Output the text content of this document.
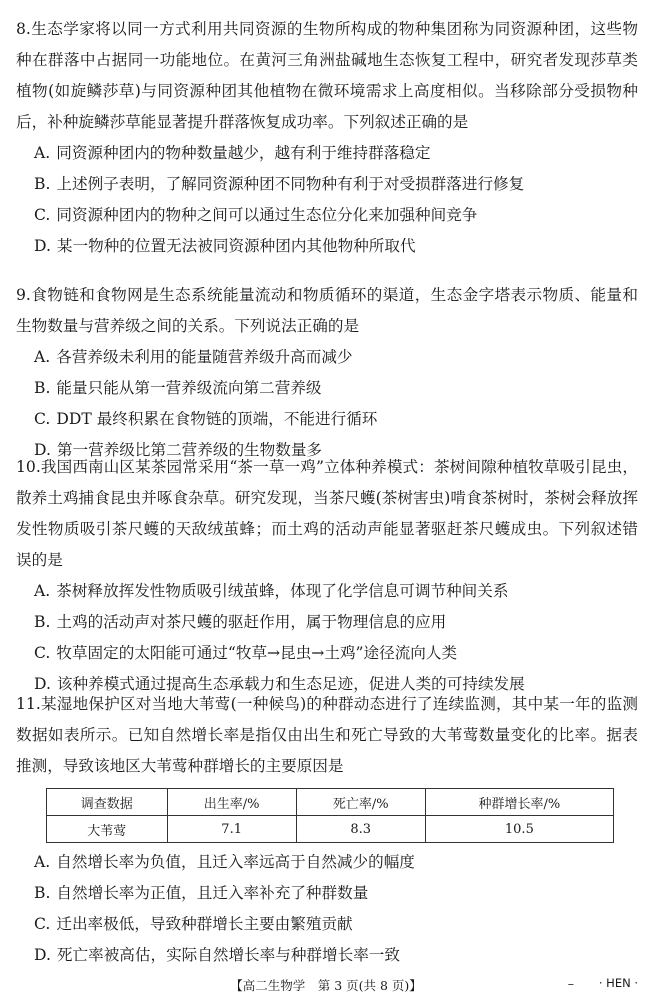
8.生态学家将以同一方式利用共同资源的生物所构成的物种集团称为同资源种团，这些物种在群落中占据同一功能地位。在黄河三角洲盐碱地生态恢复工程中，研究者发现莎草类植物(如旋鳞莎草)与同资源种团其他植物在微环境需求上高度相似。当移除部分受损物种后，补种旋鳞莎草能显著提升群落恢复成功率。下列叙述正确的是

A. 同资源种团内的物种数量越少，越有利于维持群落稳定

B. 上述例子表明，了解同资源种团不同物种有利于对受损群落进行修复

C. 同资源种团内的物种之间可以通过生态位分化来加强种间竞争

D. 某一物种的位置无法被同资源种团内其他物种所取代

9.食物链和食物网是生态系统能量流动和物质循环的渠道，生态金字塔表示物质、能量和生物数量与营养级之间的关系。下列说法正确的是

A. 各营养级未利用的能量随营养级升高而减少

B. 能量只能从第一营养级流向第二营养级

C. DDT 最终积累在食物链的顶端，不能进行循环

D. 第一营养级比第二营养级的生物数量多

10.我国西南山区某茶园常采用“茶一草一鸡”立体种养模式：茶树间隙种植牧草吸引昆虫，散养土鸡捕食昆虫并啄食杂草。研究发现，当茶尺蠖(茶树害虫)啃食茶树时，茶树会释放挥发性物质吸引茶尺蠖的天敌绒茧蜂；而土鸡的活动声能显著驱赶茶尺蠖成虫。下列叙述错误的是

A. 茶树释放挥发性物质吸引绒茧蜂，体现了化学信息可调节种间关系

B. 土鸡的活动声对茶尺蠖的驱赶作用，属于物理信息的应用

C. 牧草固定的太阳能可通过“牧草→昆虫→土鸡”途径流向人类

D. 该种养模式通过提高生态承载力和生态足迹，促进人类的可持续发展

11.某湿地保护区对当地大苇莺(一种候鸟)的种群动态进行了连续监测，其中某一年的监测数据如表所示。已知自然增长率是指仅由出生和死亡导致的大苇莺数量变化的比率。据表推测，导致该地区大苇莺种群增长的主要原因是

调查数据	出生率/%	死亡率/%	种群增长率/%
大苇莺	7.1	8.3	10.5

A. 自然增长率为负值，且迁入率远高于自然减少的幅度

B. 自然增长率为正值，且迁入率补充了种群数量

C. 迁出率极低，导致种群增长主要由繁殖贡献

D. 死亡率被高估，实际自然增长率与种群增长率一致

【高二生物学　第 3 页(共 8 页)】	– · HEN ·
